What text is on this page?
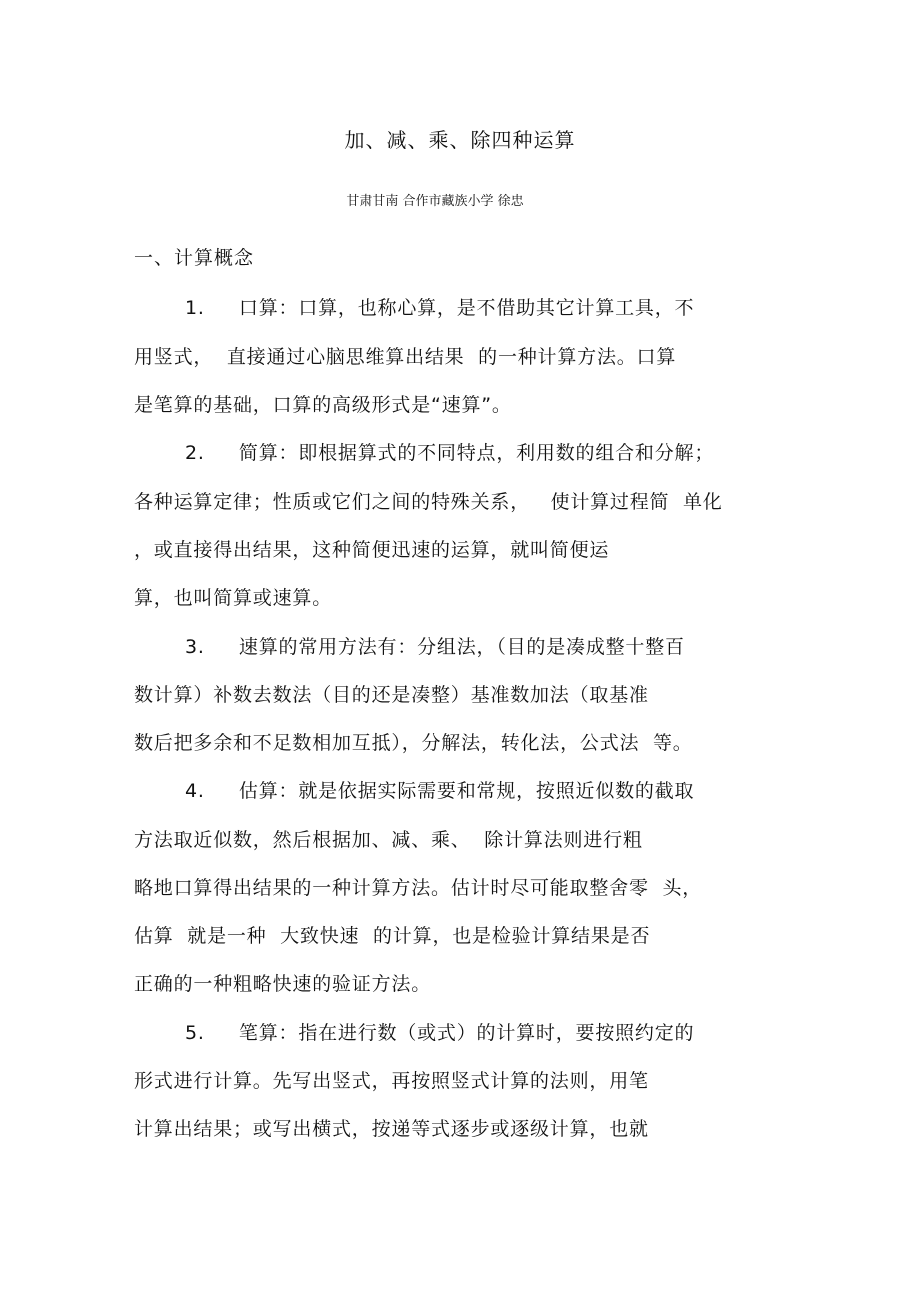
加、减、乘、除四种运算
甘肃甘南 合作市藏族小学 徐忠
一、计算概念
1.     口算：口算，也称心算，是不借助其它计算工具，不
用竖式，  直接通过心脑思维算出结果  的一种计算方法。口算
是笔算的基础，口算的高级形式是“速算”。
2.     简算：即根据算式的不同特点，利用数的组合和分解；
各种运算定律；性质或它们之间的特殊关系，   使计算过程简  单化
，或直接得出结果，这种简便迅速的运算，就叫简便运
算，也叫简算或速算。
3.     速算的常用方法有：分组法，（目的是凑成整十整百
数计算）补数去数法（目的还是凑整）基准数加法（取基准
数后把多余和不足数相加互抵），分解法，转化法，公式法  等。
4.     估算：就是依据实际需要和常规，按照近似数的截取
方法取近似数，然后根据加、减、乘、  除计算法则进行粗
略地口算得出结果的一种计算方法。估计时尽可能取整舍零  头，
估算  就是一种  大致快速  的计算，也是检验计算结果是否
正确的一种粗略快速的验证方法。
5.     笔算：指在进行数（或式）的计算时，要按照约定的
形式进行计算。先写出竖式，再按照竖式计算的法则，用笔
计算出结果；或写出横式，按递等式逐步或逐级计算，也就
